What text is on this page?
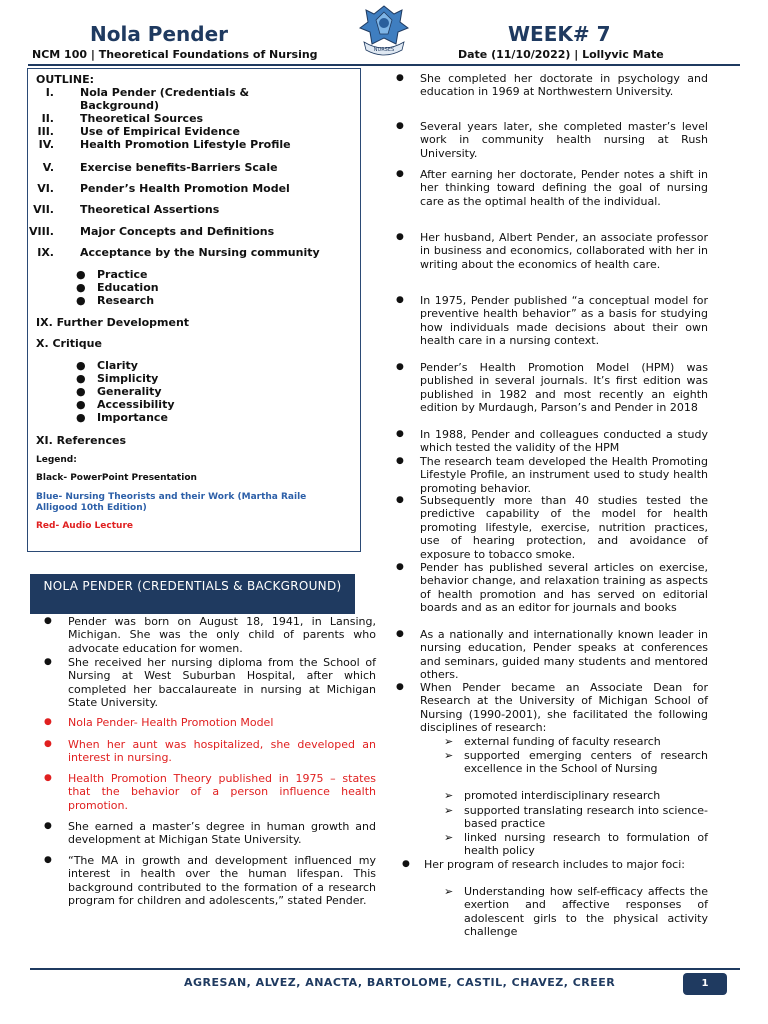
Nola Pender	WEEK# 7
NCM 100 | Theoretical Foundations of Nursing	Date (11/10/2022) | Lollyvic Mate
NURSES
OUTLINE:
I. Nola Pender (Credentials & Background)
II. Theoretical Sources
III. Use of Empirical Evidence
IV. Health Promotion Lifestyle Profile
V. Exercise benefits-Barriers Scale
VI. Pender’s Health Promotion Model
VII. Theoretical Assertions
VIII. Major Concepts and Definitions
IX. Acceptance by the Nursing community
● Practice
● Education
● Research
IX. Further Development
X. Critique
● Clarity
● Simplicity
● Generality
● Accessibility
● Importance
XI. References
Legend:
Black- PowerPoint Presentation
Blue- Nursing Theorists and their Work (Martha Raile Alligood 10th Edition)
Red- Audio Lecture
NOLA PENDER (CREDENTIALS & BACKGROUND)
● Pender was born on August 18, 1941, in Lansing, Michigan. She was the only child of parents who advocate education for women.
● She received her nursing diploma from the School of Nursing at West Suburban Hospital, after which completed her baccalaureate in nursing at Michigan State University.
● Nola Pender- Health Promotion Model
● When her aunt was hospitalized, she developed an interest in nursing.
● Health Promotion Theory published in 1975 – states that the behavior of a person influence health promotion.
● She earned a master’s degree in human growth and development at Michigan State University.
● “The MA in growth and development influenced my interest in health over the human lifespan. This background contributed to the formation of a research program for children and adolescents,” stated Pender.
● She completed her doctorate in psychology and education in 1969 at Northwestern University.
● Several years later, she completed master’s level work in community health nursing at Rush University.
● After earning her doctorate, Pender notes a shift in her thinking toward defining the goal of nursing care as the optimal health of the individual.
● Her husband, Albert Pender, an associate professor in business and economics, collaborated with her in writing about the economics of health care.
● In 1975, Pender published “a conceptual model for preventive health behavior” as a basis for studying how individuals made decisions about their own health care in a nursing context.
● Pender’s Health Promotion Model (HPM) was published in several journals. It’s first edition was published in 1982 and most recently an eighth edition by Murdaugh, Parson’s and Pender in 2018
● In 1988, Pender and colleagues conducted a study which tested the validity of the HPM
● The research team developed the Health Promoting Lifestyle Profile, an instrument used to study health promoting behavior.
● Subsequently more than 40 studies tested the predictive capability of the model for health promoting lifestyle, exercise, nutrition practices, use of hearing protection, and avoidance of exposure to tobacco smoke.
● Pender has published several articles on exercise, behavior change, and relaxation training as aspects of health promotion and has served on editorial boards and as an editor for journals and books
● As a nationally and internationally known leader in nursing education, Pender speaks at conferences and seminars, guided many students and mentored others.
● When Pender became an Associate Dean for Research at the University of Michigan School of Nursing (1990-2001), she facilitated the following disciplines of research:
➢ external funding of faculty research
➢ supported emerging centers of research excellence in the School of Nursing
➢ promoted interdisciplinary research
➢ supported translating research into science-based practice
➢ linked nursing research to formulation of health policy
● Her program of research includes to major foci:
➢ Understanding how self-efficacy affects the exertion and affective responses of adolescent girls to the physical activity challenge
AGRESAN, ALVEZ, ANACTA, BARTOLOME, CASTIL, CHAVEZ, CREER	1
